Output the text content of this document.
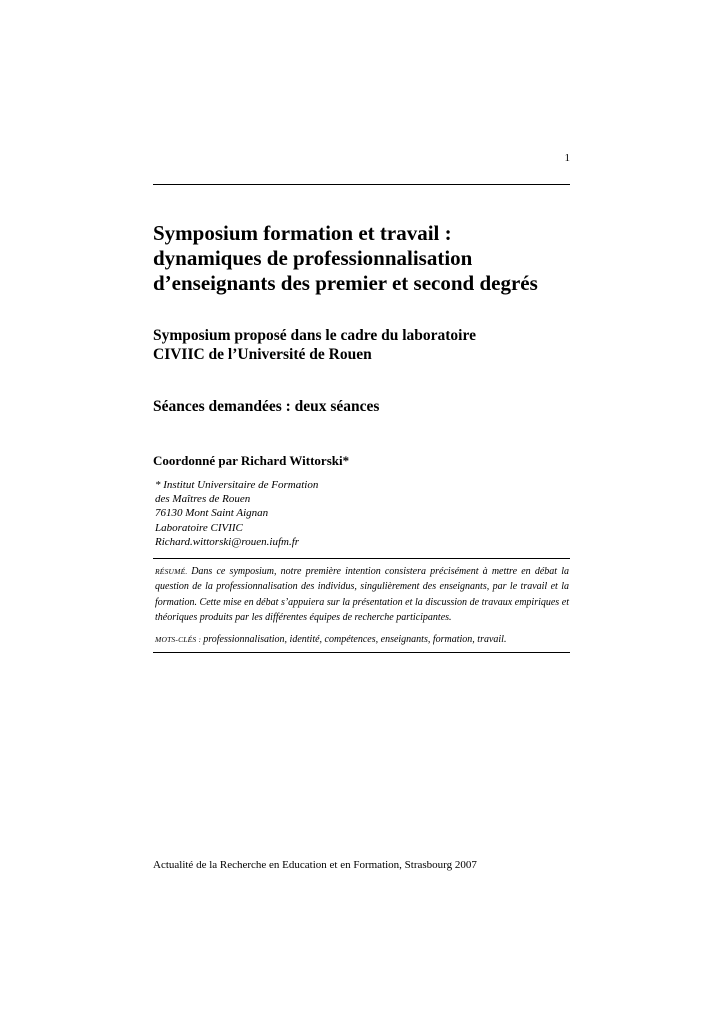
1
Symposium formation et travail :
dynamiques de professionnalisation
d’enseignants des premier et second degrés
Symposium proposé dans le cadre du laboratoire
CIVIIC de l’Université de Rouen
Séances demandées : deux séances
Coordonné par Richard Wittorski*
* Institut Universitaire de Formation
des Maîtres de Rouen
76130 Mont Saint Aignan
Laboratoire CIVIIC
Richard.wittorski@rouen.iufm.fr
RÉSUMÉ. Dans ce symposium, notre première intention consistera précisément à mettre en débat la question de la professionnalisation des individus, singulièrement des enseignants, par le travail et la formation. Cette mise en débat s’appuiera sur la présentation et la discussion de travaux empiriques et théoriques produits par les différentes équipes de recherche participantes.
MOTS-CLÉS : professionnalisation, identité, compétences, enseignants, formation, travail.
Actualité de la Recherche en Education et en Formation, Strasbourg 2007
